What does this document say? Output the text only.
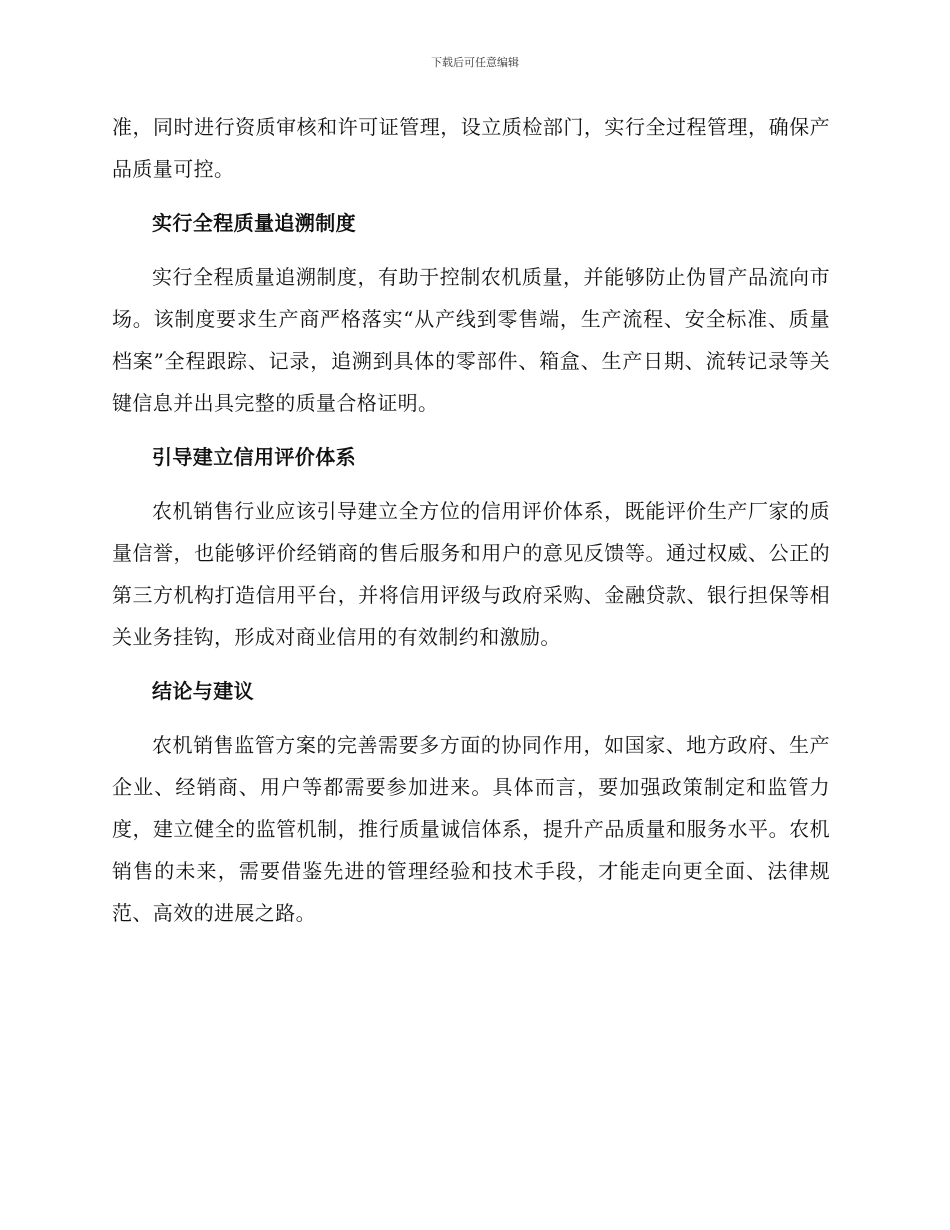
下载后可任意编辑

准，同时进行资质审核和许可证管理，设立质检部门，实行全过程管理，确保产品质量可控。

实行全程质量追溯制度

实行全程质量追溯制度，有助于控制农机质量，并能够防止伪冒产品流向市场。该制度要求生产商严格落实“从产线到零售端，生产流程、安全标准、质量档案”全程跟踪、记录，追溯到具体的零部件、箱盒、生产日期、流转记录等关键信息并出具完整的质量合格证明。

引导建立信用评价体系

农机销售行业应该引导建立全方位的信用评价体系，既能评价生产厂家的质量信誉，也能够评价经销商的售后服务和用户的意见反馈等。通过权威、公正的第三方机构打造信用平台，并将信用评级与政府采购、金融贷款、银行担保等相关业务挂钩，形成对商业信用的有效制约和激励。

结论与建议

农机销售监管方案的完善需要多方面的协同作用，如国家、地方政府、生产企业、经销商、用户等都需要参加进来。具体而言，要加强政策制定和监管力度，建立健全的监管机制，推行质量诚信体系，提升产品质量和服务水平。农机销售的未来，需要借鉴先进的管理经验和技术手段，才能走向更全面、法律规范、高效的进展之路。
